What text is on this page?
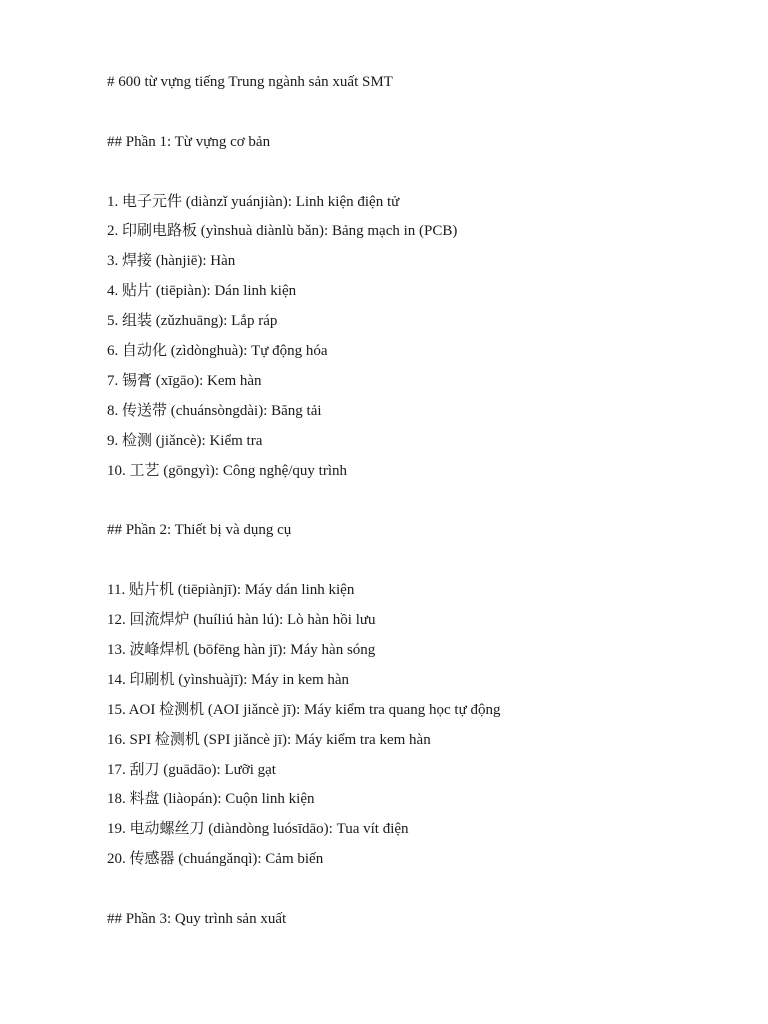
# 600 từ vựng tiếng Trung ngành sản xuất SMT
## Phần 1: Từ vựng cơ bản
1. 电子元件 (diànzǐ yuánjiàn): Linh kiện điện tử
2. 印刷电路板 (yìnshuà diànlù bǎn): Bảng mạch in (PCB)
3. 焊接 (hànjiē): Hàn
4. 贴片 (tiēpiàn): Dán linh kiện
5. 组装 (zǔzhuāng): Lắp ráp
6. 自动化 (zìdònghuà): Tự động hóa
7. 锡膏 (xīgāo): Kem hàn
8. 传送带 (chuánsòngdài): Băng tải
9. 检测 (jiǎncè): Kiểm tra
10. 工艺 (gōngyì): Công nghệ/quy trình
## Phần 2: Thiết bị và dụng cụ
11. 贴片机 (tiēpiànjī): Máy dán linh kiện
12. 回流焊炉 (huíliú hàn lú): Lò hàn hồi lưu
13. 波峰焊机 (bōfēng hàn jī): Máy hàn sóng
14. 印刷机 (yìnshuàjī): Máy in kem hàn
15. AOI 检测机 (AOI jiǎncè jī): Máy kiểm tra quang học tự động
16. SPI 检测机 (SPI jiǎncè jī): Máy kiểm tra kem hàn
17. 刮刀 (guādāo): Lưỡi gạt
18. 料盘 (liàopán): Cuộn linh kiện
19. 电动螺丝刀 (diàndòng luósīdāo): Tua vít điện
20. 传感器 (chuángǎnqì): Cảm biến
## Phần 3: Quy trình sản xuất
